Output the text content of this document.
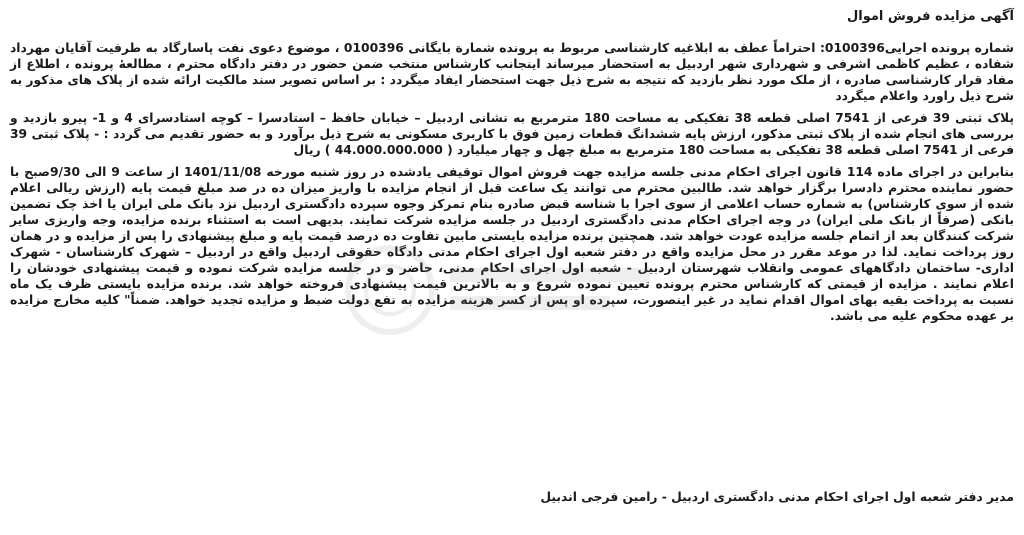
آگهی مزایده فروش اموال

شماره پرونده اجرایی0100396: احتراماً عطف به ابلاغیه کارشناسی مربوط به پرونده شمارة بایگانی 0100396 ، موضوع دعوی نفت پاسارگاد به طرفیت آقایان مهرداد شفاده ، عظیم کاظمی اشرفی و شهرداری شهر اردبیل به استحضار میرساند اینجانب کارشناس منتخب ضمن حضور در دفتر دادگاه محترم ، مطالعهٔ پرونده ، اطلاع از مفاد قرار کارشناسی صادره ، از ملک مورد نظر بازدید که نتیجه به شرح ذیل جهت استحضار ایفاد میگردد : بر اساس تصویر سند مالکیت ارائه شده از پلاک های مذکور به شرح ذیل راورد واعلام میگردد

پلاک ثبتی 39 فرعی از 7541 اصلی قطعه 38 تفکیکی به مساحت 180 مترمربع به نشانی اردبیل – خیابان حافظ – استادسرا – کوچه استادسرای 4 و 1- پیرو بازدید و بررسی های انجام شده از پلاک ثبتی مذکور، ارزش پایه ششدانگ قطعات زمین فوق با کاربری مسکونی به شرح ذیل برآورد و به حضور تقدیم می گردد : - پلاک ثبتی 39 فرعی از 7541 اصلی قطعه 38 تفکیکی به مساحت 180 مترمربع به مبلغ چهل و چهار میلیارد ( 44.000.000.000 ) ریال

بنابراین در اجرای ماده 114 قانون اجرای احکام مدنی جلسه مزایده جهت فروش اموال توقیفی یادشده در روز شنبه مورخه 1401/11/08 از ساعت 9 الی 9/30صبح با حضور نماینده محترم دادسرا برگزار خواهد شد. طالبین محترم می توانند یک ساعت قبل از انجام مزایده با واریز میزان ده در صد مبلغ قیمت پایه (ارزش ریالی اعلام شده از سوی کارشناس) به شماره حساب اعلامی از سوی اجرا با شناسه قبض صادره بنام تمرکز وجوه سپرده دادگستری اردبیل نزد بانک ملی ایران یا اخذ چک تضمین بانکی (صرفاً از بانک ملی ایران) در وجه اجرای احکام مدنی دادگستری اردبیل در جلسه مزایده شرکت نمایند. بدیهی است به استثناء برنده مزایده، وجه واریزی سایر شرکت کنندگان بعد از اتمام جلسه مزایده عودت خواهد شد. همچنین برنده مزایده بایستی مابین تفاوت ده درصد قیمت پایه و مبلغ پیشنهادی را پس از مزایده و در همان روز پرداخت نماید. لذا در موعد مقرر در محل مزایده واقع در دفتر شعبه اول اجرای احکام مدنی دادگاه حقوقی اردبیل واقع در اردبیل – شهرک کارشناسان - شهرک اداری- ساختمان دادگاههای عمومی وانقلاب شهرستان اردبیل - شعبه اول اجرای احکام مدنی، حاضر و در جلسه مزایده شرکت نموده و قیمت پیشنهادی خودشان را اعلام نمایند . مزایده از قیمتی که کارشناس محترم پرونده تعیین نموده شروع و به بالاترین قیمت پیشنهادی فروخته خواهد شد. برنده مزایده بایستی ظرف یک ماه نسبت به پرداخت بقیه بهای اموال اقدام نماید در غیر اینصورت، سپرده او پس از کسر هزینه مزایده به نفع دولت ضبط و مزایده تجدید خواهد. ضمناً" کلیه مخارج مزایده بر عهده محکوم علیه می باشد.

مدیر دفتر شعبه اول اجرای احکام مدنی دادگستری اردبیل - رامین فرجی اندبیل
